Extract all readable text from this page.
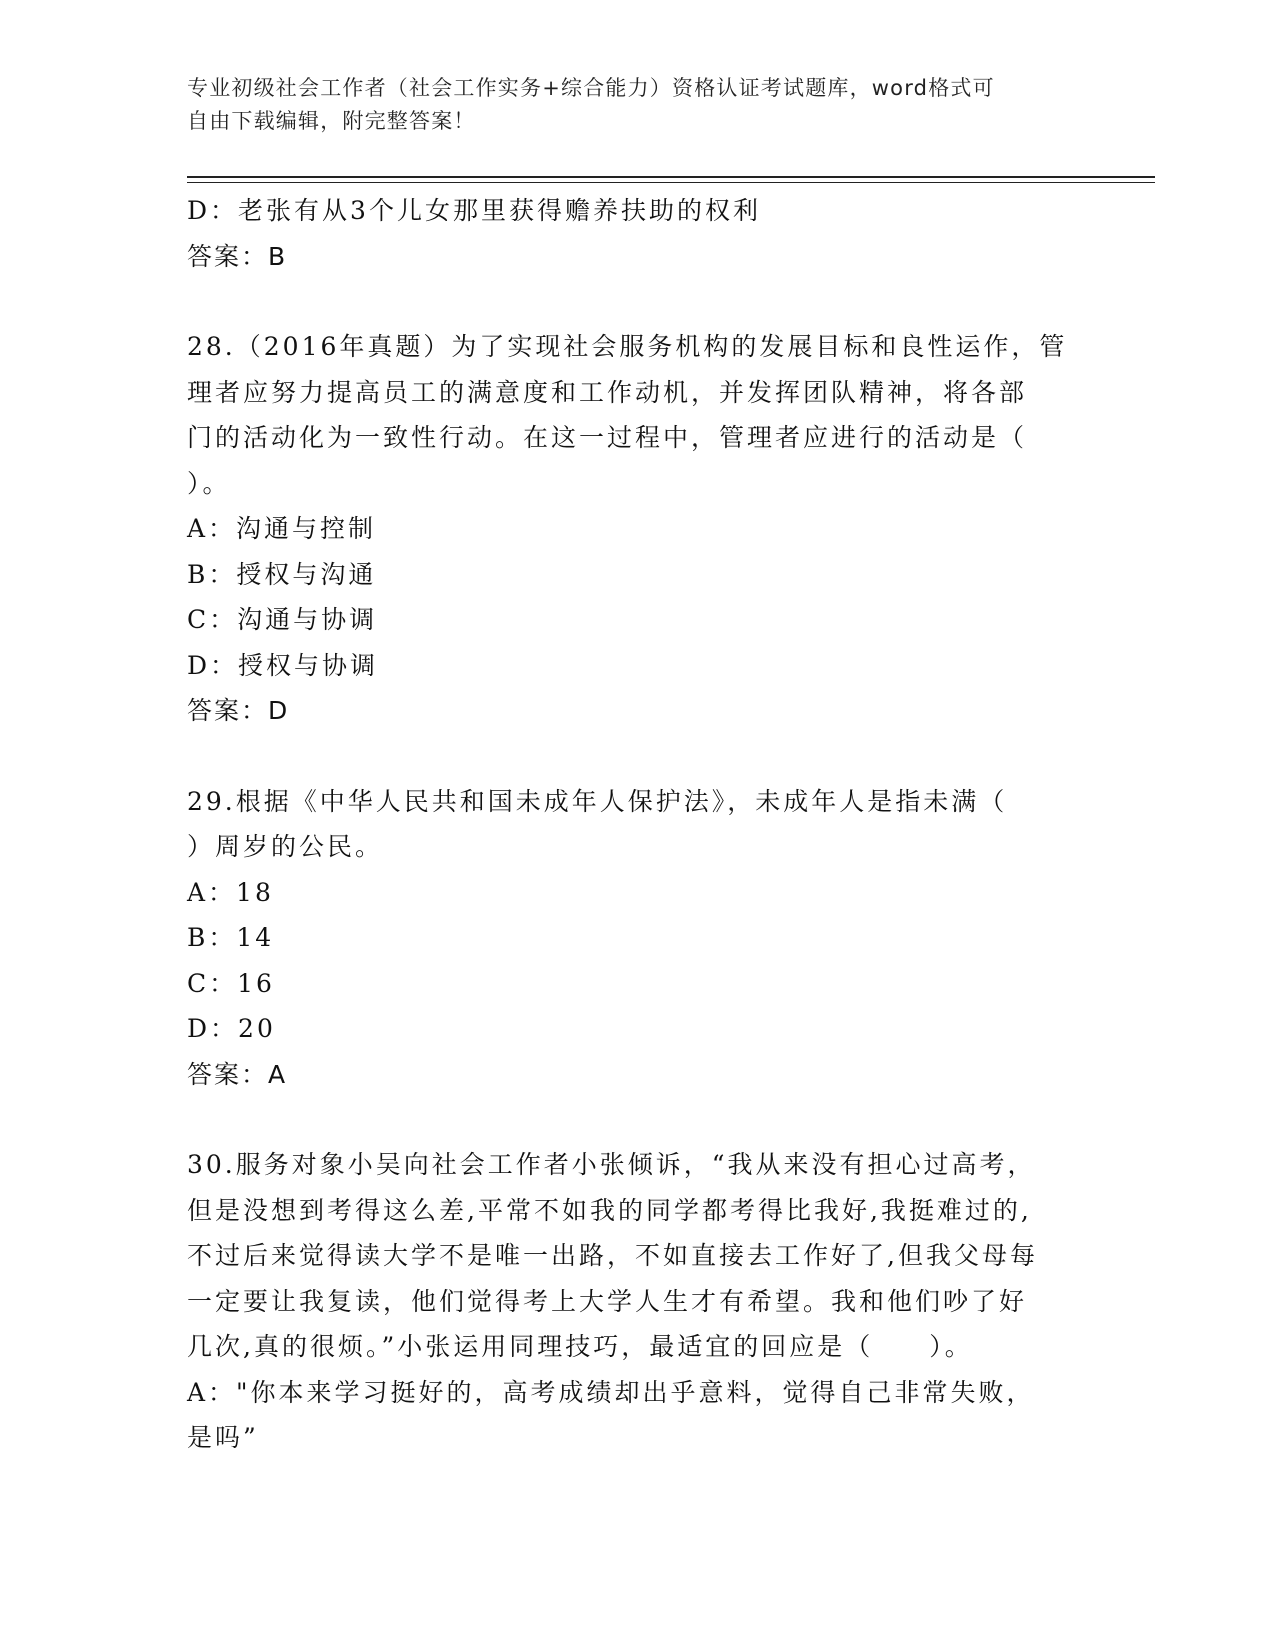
专业初级社会工作者（社会工作实务+综合能力）资格认证考试题库，word格式可
自由下载编辑，附完整答案！

D：老张有从3个儿女那里获得赡养扶助的权利

答案：B

28.（2016年真题）为了实现社会服务机构的发展目标和良性运作，管

理者应努力提高员工的满意度和工作动机，并发挥团队精神，将各部

门的活动化为一致性行动。在这一过程中，管理者应进行的活动是（

）。

A：沟通与控制

B：授权与沟通

C：沟通与协调

D：授权与协调

答案：D

29.根据《中华人民共和国未成年人保护法》，未成年人是指未满（

）周岁的公民。

A：18

B：14

C：16

D：20

答案：A

30.服务对象小吴向社会工作者小张倾诉，“我从来没有担心过高考，

但是没想到考得这么差,平常不如我的同学都考得比我好,我挺难过的,

不过后来觉得读大学不是唯一出路，不如直接去工作好了,但我父母每

一定要让我复读，他们觉得考上大学人生才有希望。我和他们吵了好

几次,真的很烦。”小张运用同理技巧，最适宜的回应是（　　）。

A："你本来学习挺好的，高考成绩却出乎意料，觉得自己非常失败，

是吗”
